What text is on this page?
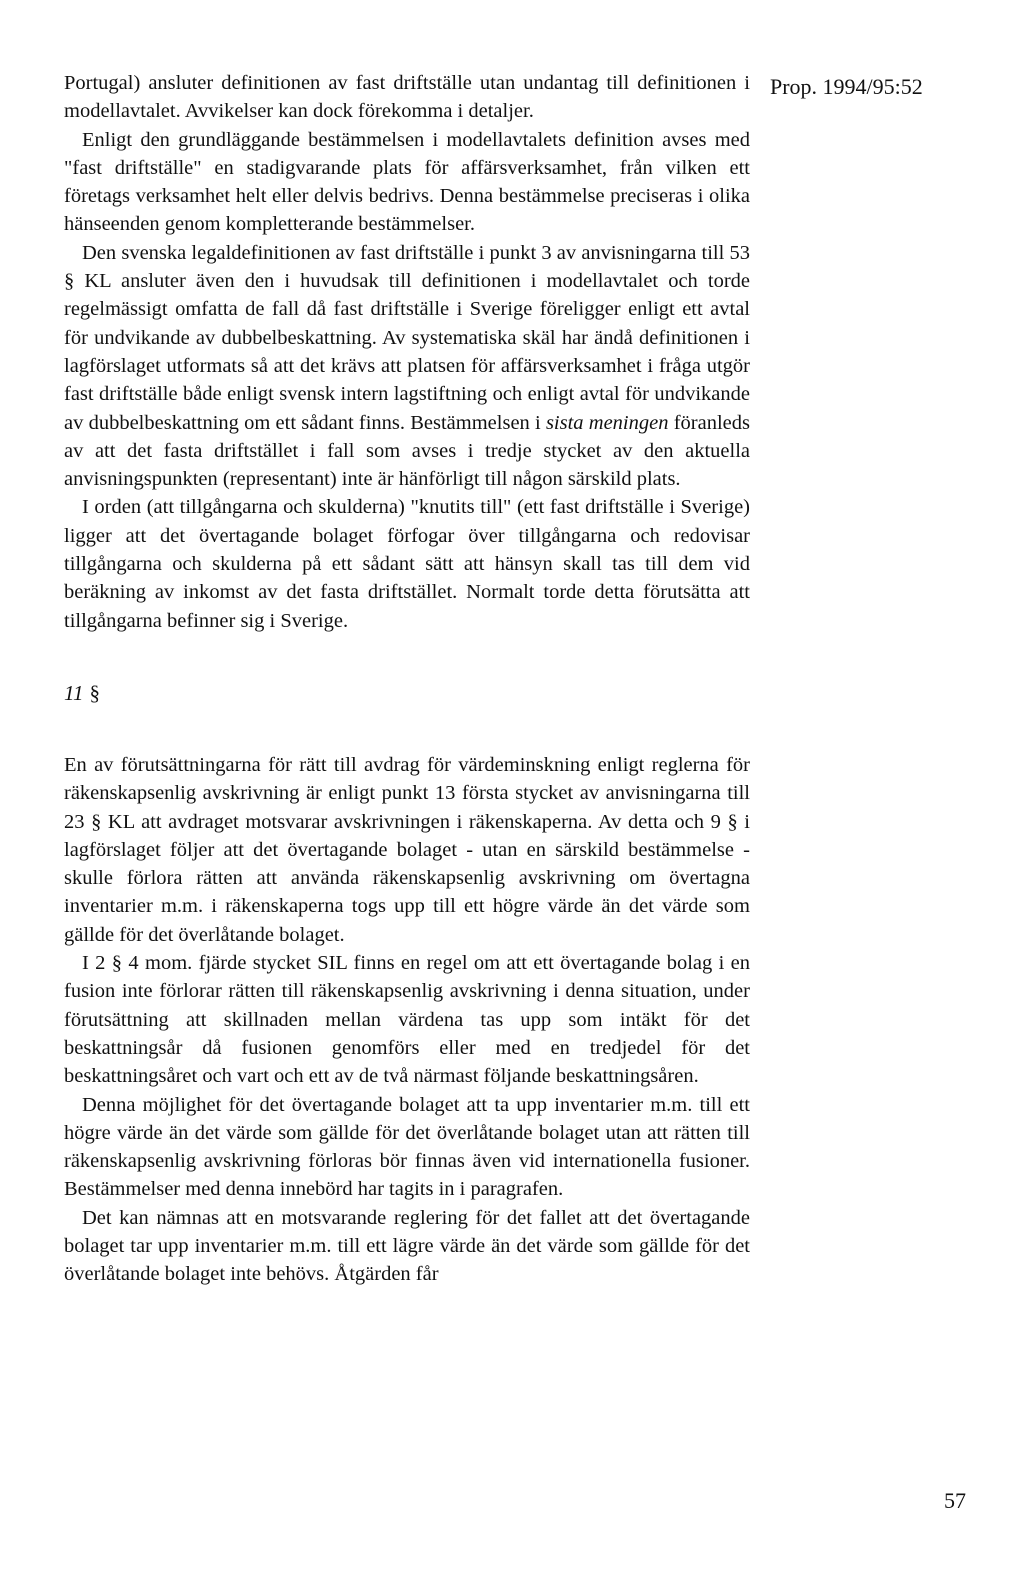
Prop. 1994/95:52

Portugal) ansluter definitionen av fast driftställe utan undantag till definitionen i modellavtalet. Avvikelser kan dock förekomma i detaljer.

Enligt den grundläggande bestämmelsen i modellavtalets definition avses med "fast driftställe" en stadigvarande plats för affärsverksamhet, från vilken ett företags verksamhet helt eller delvis bedrivs. Denna bestämmelse preciseras i olika hänseenden genom kompletterande bestämmelser.

Den svenska legaldefinitionen av fast driftställe i punkt 3 av anvisningarna till 53 § KL ansluter även den i huvudsak till definitionen i modellavtalet och torde regelmässigt omfatta de fall då fast driftställe i Sverige föreligger enligt ett avtal för undvikande av dubbelbeskattning. Av systematiska skäl har ändå definitionen i lagförslaget utformats så att det krävs att platsen för affärsverksamhet i fråga utgör fast driftställe både enligt svensk intern lagstiftning och enligt avtal för undvikande av dubbelbeskattning om ett sådant finns. Bestämmelsen i sista meningen föranleds av att det fasta driftstället i fall som avses i tredje stycket av den aktuella anvisningspunkten (representant) inte är hänförligt till någon särskild plats.

I orden (att tillgångarna och skulderna) "knutits till" (ett fast driftställe i Sverige) ligger att det övertagande bolaget förfogar över tillgångarna och redovisar tillgångarna och skulderna på ett sådant sätt att hänsyn skall tas till dem vid beräkning av inkomst av det fasta driftstället. Normalt torde detta förutsätta att tillgångarna befinner sig i Sverige.

11 §

En av förutsättningarna för rätt till avdrag för värdeminskning enligt reglerna för räkenskapsenlig avskrivning är enligt punkt 13 första stycket av anvisningarna till 23 § KL att avdraget motsvarar avskrivningen i räkenskaperna. Av detta och 9 § i lagförslaget följer att det övertagande bolaget - utan en särskild bestämmelse - skulle förlora rätten att använda räkenskapsenlig avskrivning om övertagna inventarier m.m. i räkenskaperna togs upp till ett högre värde än det värde som gällde för det överlåtande bolaget.

I 2 § 4 mom. fjärde stycket SIL finns en regel om att ett övertagande bolag i en fusion inte förlorar rätten till räkenskapsenlig avskrivning i denna situation, under förutsättning att skillnaden mellan värdena tas upp som intäkt för det beskattningsår då fusionen genomförs eller med en tredjedel för det beskattningsåret och vart och ett av de två närmast följande beskattningsåren.

Denna möjlighet för det övertagande bolaget att ta upp inventarier m.m. till ett högre värde än det värde som gällde för det överlåtande bolaget utan att rätten till räkenskapsenlig avskrivning förloras bör finnas även vid internationella fusioner. Bestämmelser med denna innebörd har tagits in i paragrafen.

Det kan nämnas att en motsvarande reglering för det fallet att det övertagande bolaget tar upp inventarier m.m. till ett lägre värde än det värde som gällde för det överlåtande bolaget inte behövs. Åtgärden får

57
